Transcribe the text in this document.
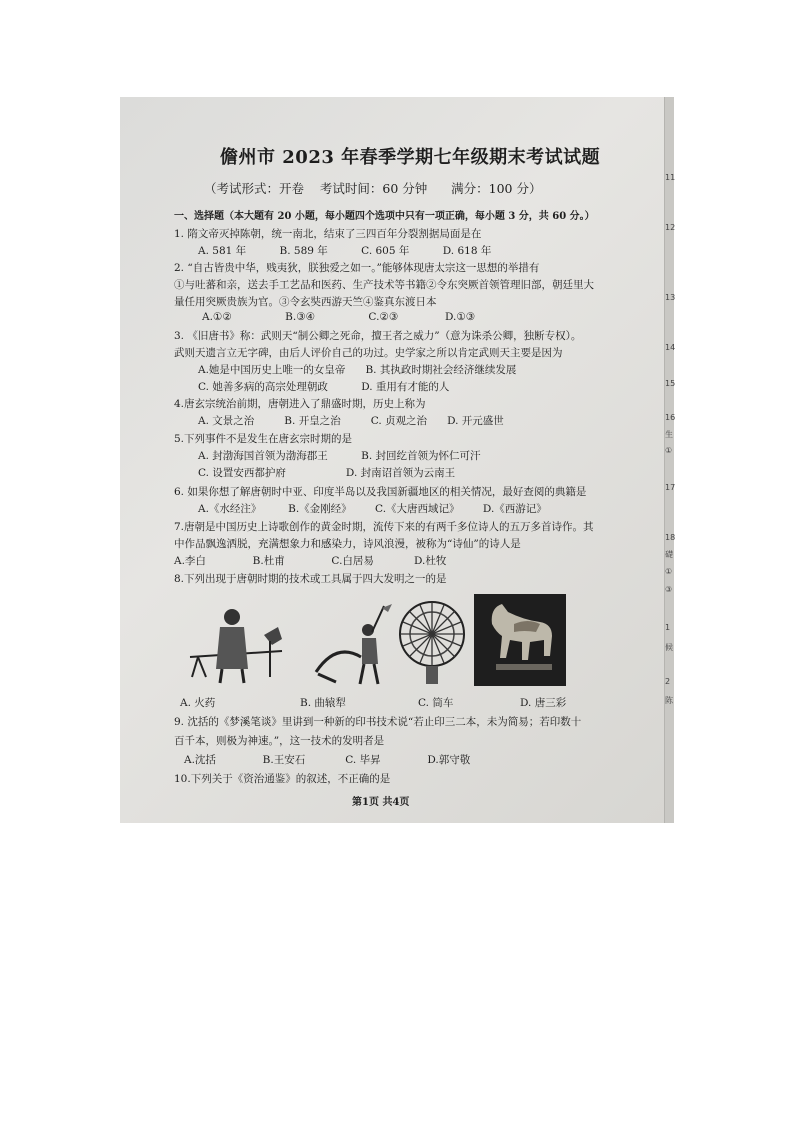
儋州市 2023 年春季学期七年级期末考试试题
（考试形式：开卷    考试时间：60 分钟      满分：100 分）
一、选择题（本大题有 20 小题，每小题四个选项中只有一项正确，每小题 3 分，共 60 分。）
1. 隋文帝灭掉陈朝，统一南北，结束了三四百年分裂割据局面是在
A. 581 年          B. 589 年          C. 605 年          D. 618 年
2. “自古皆贵中华，贱夷狄，朕独爱之如一。”能够体现唐太宗这一思想的举措有
①与吐蕃和亲，送去手工艺品和医药、生产技术等书籍②令东突厥首领管理旧部，朝廷里大
量任用突厥贵族为官。③令玄奘西游天竺④鉴真东渡日本
A.①②                B.③④                C.②③              D.①③
3. 《旧唐书》称：武则天“制公卿之死命，擅王者之威力”（意为诛杀公卿，独断专权）。
武则天遗言立无字碑，由后人评价自己的功过。史学家之所以肯定武则天主要是因为
A.她是中国历史上唯一的女皇帝      B. 其执政时期社会经济继续发展
C. 她善多病的高宗处理朝政          D. 重用有才能的人
4.唐玄宗统治前期，唐朝进入了鼎盛时期，历史上称为
A. 文景之治         B. 开皇之治         C. 贞观之治      D. 开元盛世
5.下列事件不是发生在唐玄宗时期的是
A. 封渤海国首领为渤海郡王          B. 封回纥首领为怀仁可汗
C. 设置安西都护府                  D. 封南诏首领为云南王
6. 如果你想了解唐朝时中亚、印度半岛以及我国新疆地区的相关情况，最好查阅的典籍是
A.《水经注》        B.《金刚经》       C.《大唐西域记》       D.《西游记》
7.唐朝是中国历史上诗歌创作的黄金时期，流传下来的有两千多位诗人的五万多首诗作。其
中作品飘逸洒脱，充满想象力和感染力，诗风浪漫，被称为“诗仙”的诗人是
A.李白              B.杜甫              C.白居易            D.杜牧
8.下列出现于唐朝时期的技术或工具属于四大发明之一的是
A. 火药	B. 曲辕犁	C. 筒车	D. 唐三彩
9. 沈括的《梦溪笔谈》里讲到一种新的印书技术说“若止印三二本，未为简易；若印数十
百千本，则极为神速。”，这一技术的发明者是
A.沈括              B.王安石            C. 毕昇              D.郭守敬
10.下列关于《资治通鉴》的叙述，不正确的是
第1页 共4页
11
12
13
14
15
16
生
①
17
18
礎
①
③
1
候
2
陈
